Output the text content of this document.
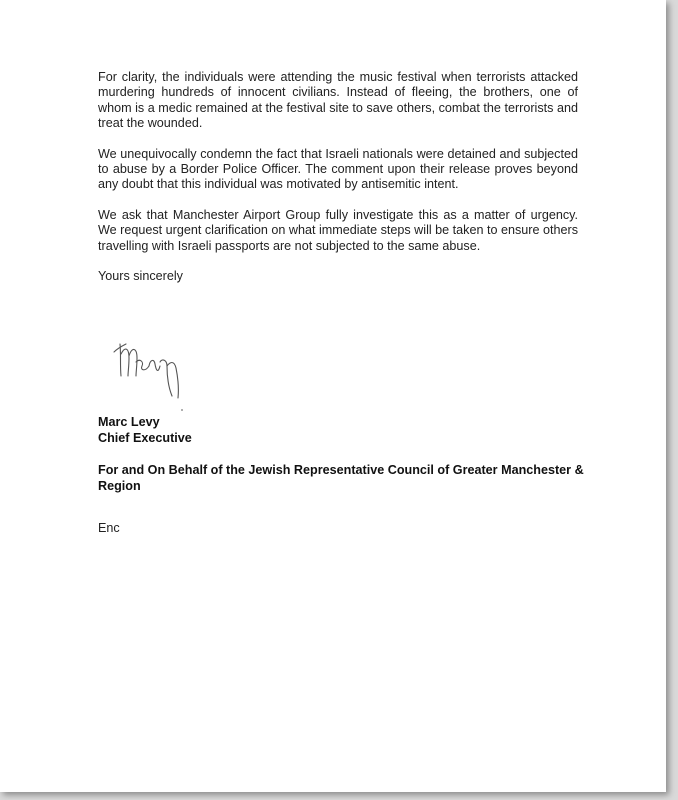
For clarity, the individuals were attending the music festival when terrorists attacked murdering hundreds of innocent civilians. Instead of fleeing, the brothers, one of whom is a medic remained at the festival site to save others, combat the terrorists and treat the wounded.

We unequivocally condemn the fact that Israeli nationals were detained and subjected to abuse by a Border Police Officer. The comment upon their release proves beyond any doubt that this individual was motivated by antisemitic intent.

We ask that Manchester Airport Group fully investigate this as a matter of urgency. We request urgent clarification on what immediate steps will be taken to ensure others travelling with Israeli passports are not subjected to the same abuse.

Yours sincerely

Marc Levy
Chief Executive
For and On Behalf of the Jewish Representative Council of Greater Manchester & Region
Enc
